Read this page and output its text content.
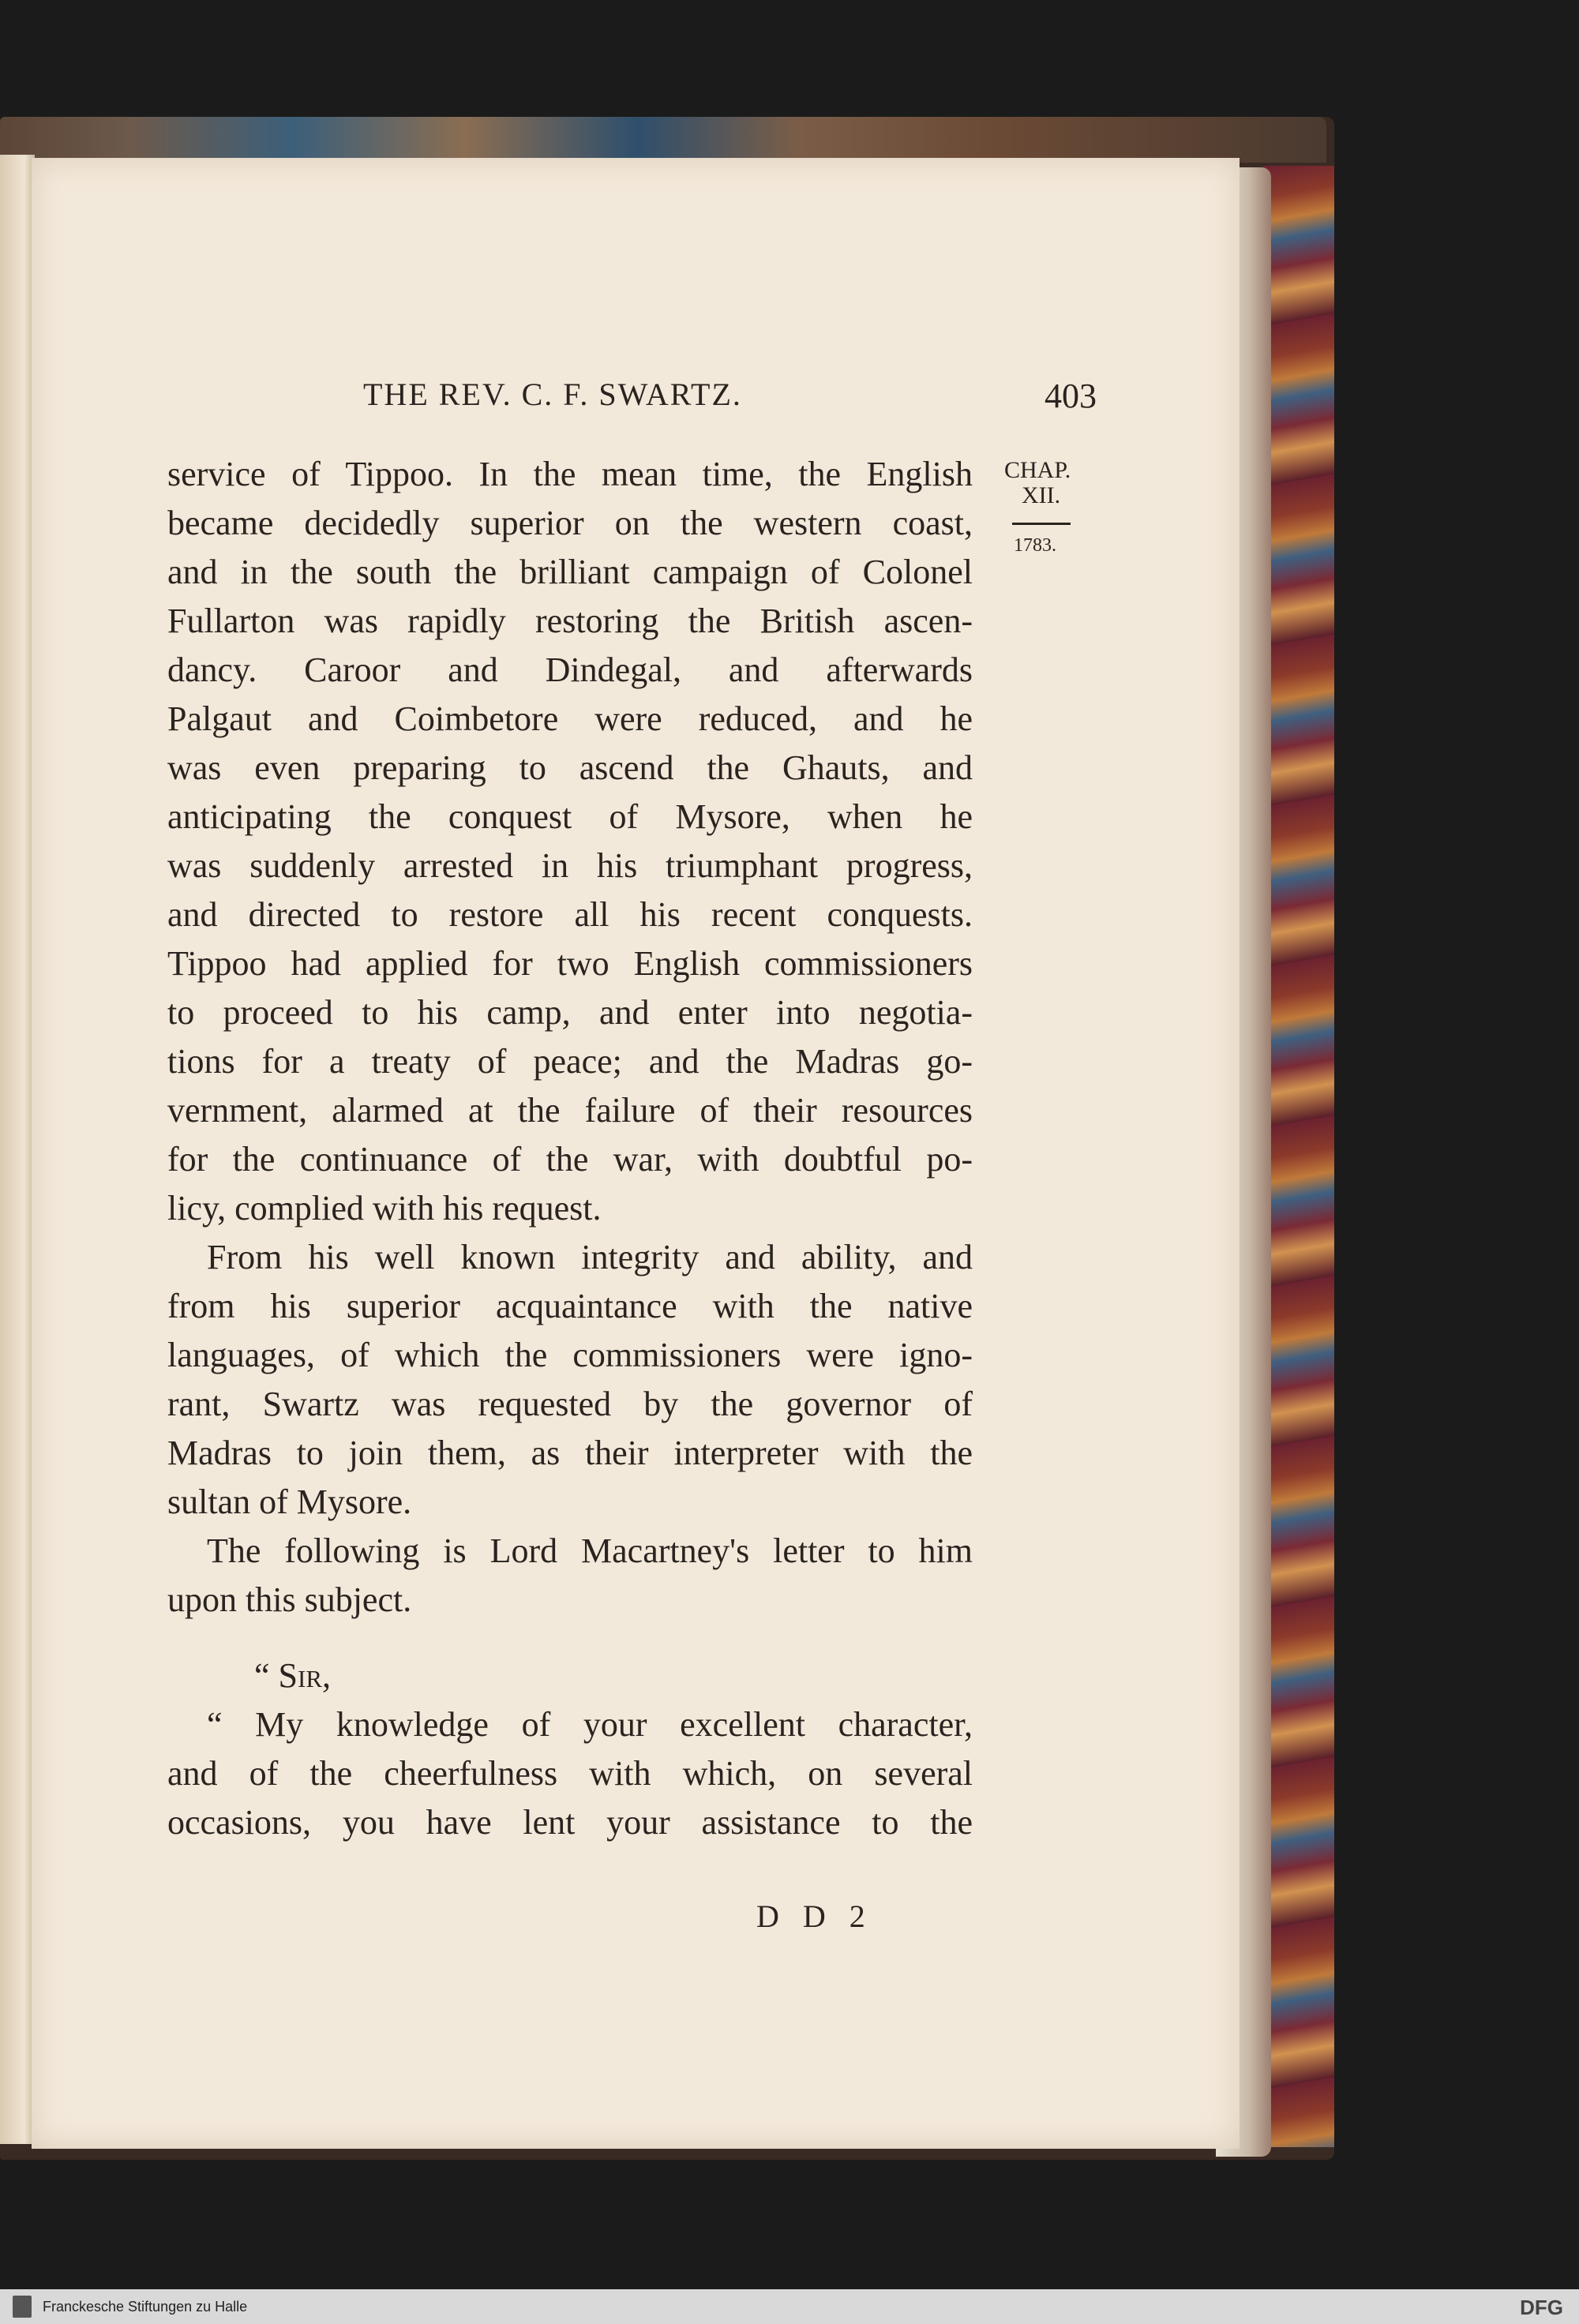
THE REV. C. F. SWARTZ.	403
CHAP.
XII.
1783.
service of Tippoo. In the mean time, the English
became decidedly superior on the western coast,
and in the south the brilliant campaign of Colonel
Fullarton was rapidly restoring the British ascen-
dancy. Caroor and Dindegal, and afterwards
Palgaut and Coimbetore were reduced, and he
was even preparing to ascend the Ghauts, and
anticipating the conquest of Mysore, when he
was suddenly arrested in his triumphant progress,
and directed to restore all his recent conquests.
Tippoo had applied for two English commissioners
to proceed to his camp, and enter into negotia-
tions for a treaty of peace; and the Madras go-
vernment, alarmed at the failure of their resources
for the continuance of the war, with doubtful po-
licy, complied with his request.
From his well known integrity and ability, and
from his superior acquaintance with the native
languages, of which the commissioners were igno-
rant, Swartz was requested by the governor of
Madras to join them, as their interpreter with the
sultan of Mysore.
The following is Lord Macartney's letter to him
upon this subject.
“ Sir,
“ My knowledge of your excellent character,
and of the cheerfulness with which, on several
occasions, you have lent your assistance to the
D D 2
Franckesche Stiftungen zu Halle	DFG
